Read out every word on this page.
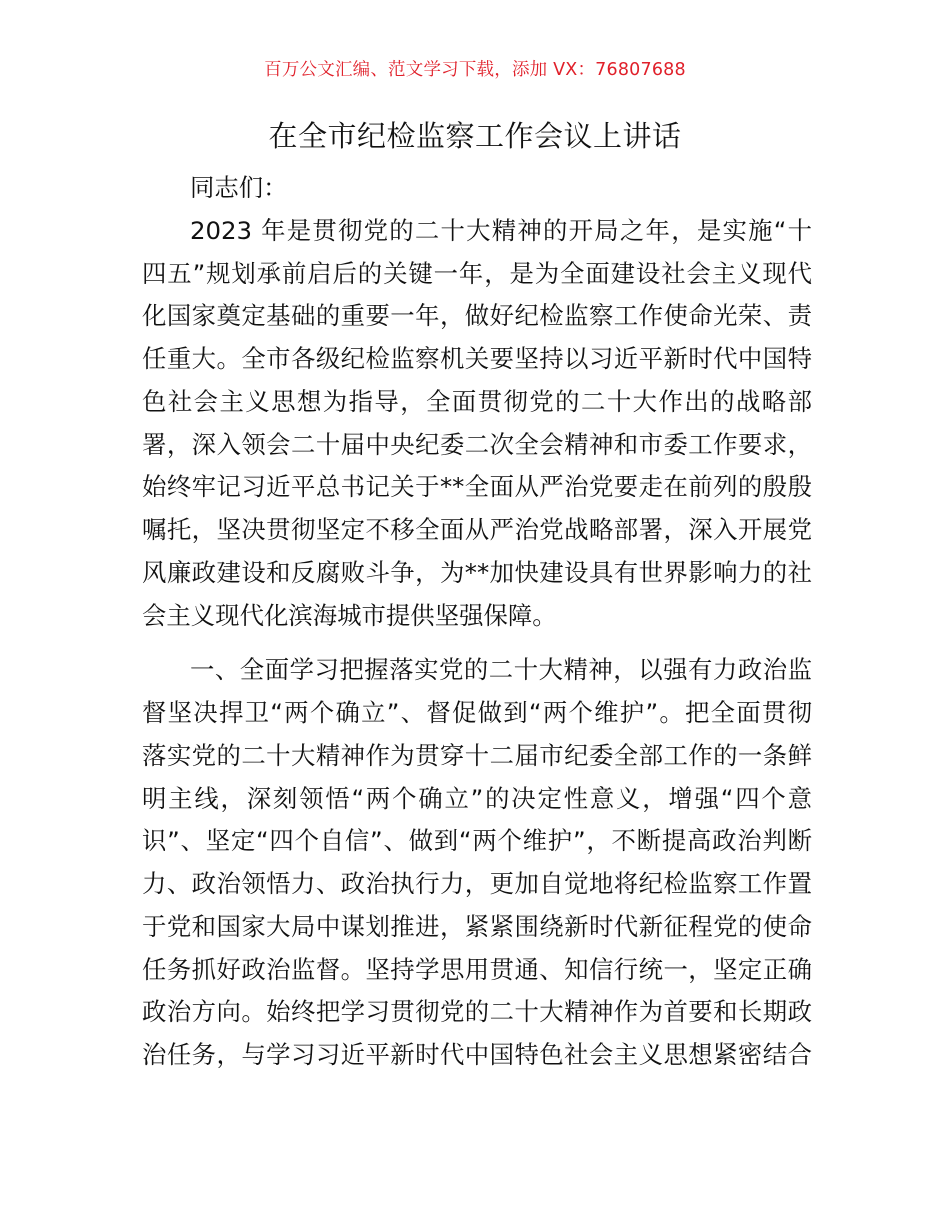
百万公文汇编、范文学习下载，添加 VX：76807688
在全市纪检监察工作会议上讲话
同志们：
2023 年是贯彻党的二十大精神的开局之年，是实施“十
四五”规划承前启后的关键一年，是为全面建设社会主义现代
化国家奠定基础的重要一年，做好纪检监察工作使命光荣、责
任重大。全市各级纪检监察机关要坚持以习近平新时代中国特
色社会主义思想为指导，全面贯彻党的二十大作出的战略部
署，深入领会二十届中央纪委二次全会精神和市委工作要求，
始终牢记习近平总书记关于**全面从严治党要走在前列的殷殷
嘱托，坚决贯彻坚定不移全面从严治党战略部署，深入开展党
风廉政建设和反腐败斗争，为**加快建设具有世界影响力的社
会主义现代化滨海城市提供坚强保障。
一、全面学习把握落实党的二十大精神，以强有力政治监
督坚决捍卫“两个确立”、督促做到“两个维护”。把全面贯彻
落实党的二十大精神作为贯穿十二届市纪委全部工作的一条鲜
明主线，深刻领悟“两个确立”的决定性意义，增强“四个意
识”、坚定“四个自信”、做到“两个维护”，不断提高政治判断
力、政治领悟力、政治执行力，更加自觉地将纪检监察工作置
于党和国家大局中谋划推进，紧紧围绕新时代新征程党的使命
任务抓好政治监督。坚持学思用贯通、知信行统一，坚定正确
政治方向。始终把学习贯彻党的二十大精神作为首要和长期政
治任务，与学习习近平新时代中国特色社会主义思想紧密结合
